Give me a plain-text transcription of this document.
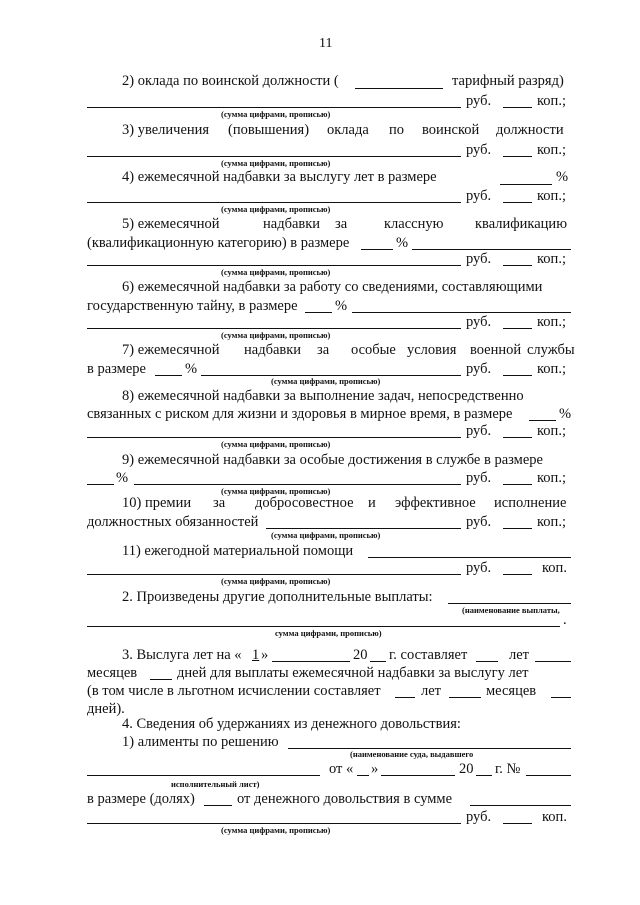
11
2) оклада по воинской должности (	тарифный разряд)
руб.	коп.;
(сумма цифрами, прописью)
3) увеличения (повышения) оклада по воинской должности
руб.	коп.;
(сумма цифрами, прописью)
4) ежемесячной надбавки за выслугу лет в размере	%
руб.	коп.;
(сумма цифрами, прописью)
5) ежемесячной	надбавки за	классную квалификацию
(квалификационную категорию) в размере	%
руб.	коп.;
(сумма цифрами, прописью)
6) ежемесячной надбавки за работу со сведениями, составляющими
государственную тайну, в размере	%
руб.	коп.;
(сумма цифрами, прописью)
7) ежемесячной надбавки за особые условия военной службы
в размере	%	руб.	коп.;
(сумма цифрами, прописью)
8) ежемесячной надбавки за выполнение задач, непосредственно
связанных с риском для жизни и здоровья в мирное время, в размере	%
руб.	коп.;
(сумма цифрами, прописью)
9) ежемесячной надбавки за особые достижения в службе в размере
%	руб.	коп.;
(сумма цифрами, прописью)
10) премии за добросовестное и эффективное исполнение
должностных обязанностей	руб.	коп.;
(сумма цифрами, прописью)
11) ежегодной материальной помощи
руб.	коп.
(сумма цифрами, прописью)
2. Произведены другие дополнительные выплаты:
(наименование выплаты,
.
сумма цифрами, прописью)
3. Выслуга лет на « 1 »	20 г. составляет	лет
месяцев	дней для выплаты ежемесячной надбавки за выслугу лет
(в том числе в льготном исчислении составляет	лет	месяцев
дней).
4. Сведения об удержаниях из денежного довольствия:
1) алименты по решению
(наименование суда, выдавшего
от « »	20 г. №
исполнительный лист)
в размере (долях)	от денежного довольствия в сумме
руб.	коп.
(сумма цифрами, прописью)
